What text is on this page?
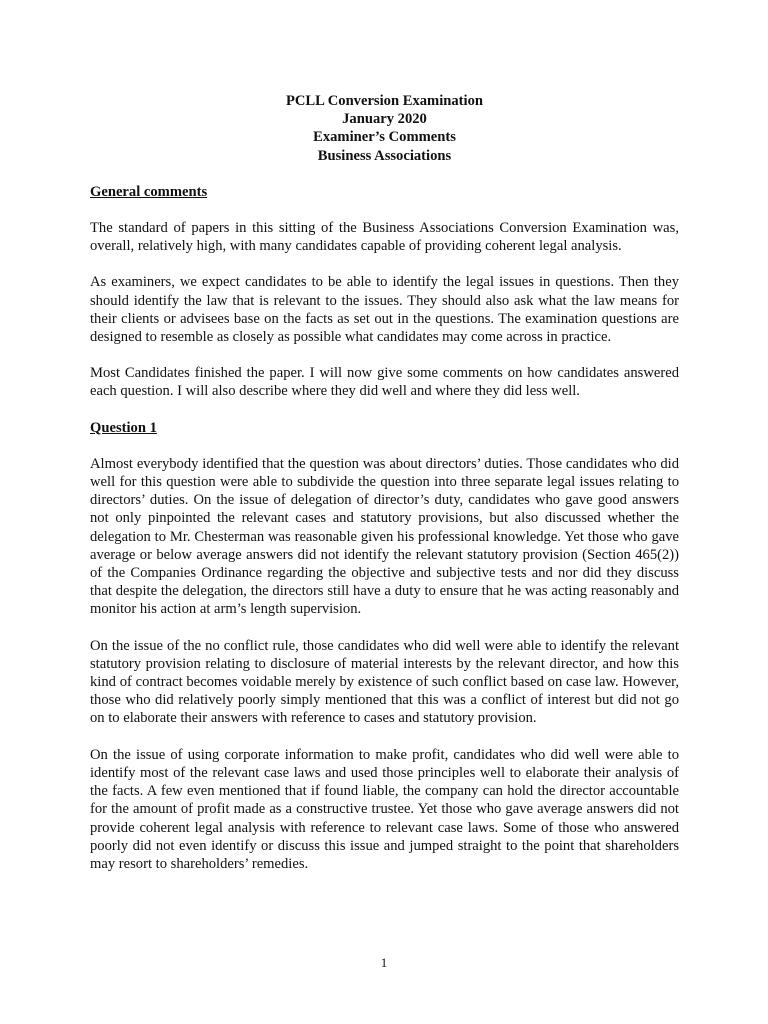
PCLL Conversion Examination
January 2020
Examiner’s Comments
Business Associations

General comments

The standard of papers in this sitting of the Business Associations Conversion Examination was, overall, relatively high, with many candidates capable of providing coherent legal analysis.

As examiners, we expect candidates to be able to identify the legal issues in questions. Then they should identify the law that is relevant to the issues. They should also ask what the law means for their clients or advisees base on the facts as set out in the questions. The examination questions are designed to resemble as closely as possible what candidates may come across in practice.

Most Candidates finished the paper. I will now give some comments on how candidates answered each question. I will also describe where they did well and where they did less well.

Question 1

Almost everybody identified that the question was about directors’ duties. Those candidates who did well for this question were able to subdivide the question into three separate legal issues relating to directors’ duties. On the issue of delegation of director’s duty, candidates who gave good answers not only pinpointed the relevant cases and statutory provisions, but also discussed whether the delegation to Mr. Chesterman was reasonable given his professional knowledge. Yet those who gave average or below average answers did not identify the relevant statutory provision (Section 465(2)) of the Companies Ordinance regarding the objective and subjective tests and nor did they discuss that despite the delegation, the directors still have a duty to ensure that he was acting reasonably and monitor his action at arm’s length supervision.

On the issue of the no conflict rule, those candidates who did well were able to identify the relevant statutory provision relating to disclosure of material interests by the relevant director, and how this kind of contract becomes voidable merely by existence of such conflict based on case law. However, those who did relatively poorly simply mentioned that this was a conflict of interest but did not go on to elaborate their answers with reference to cases and statutory provision.

On the issue of using corporate information to make profit, candidates who did well were able to identify most of the relevant case laws and used those principles well to elaborate their analysis of the facts. A few even mentioned that if found liable, the company can hold the director accountable for the amount of profit made as a constructive trustee. Yet those who gave average answers did not provide coherent legal analysis with reference to relevant case laws. Some of those who answered poorly did not even identify or discuss this issue and jumped straight to the point that shareholders may resort to shareholders’ remedies.

1
